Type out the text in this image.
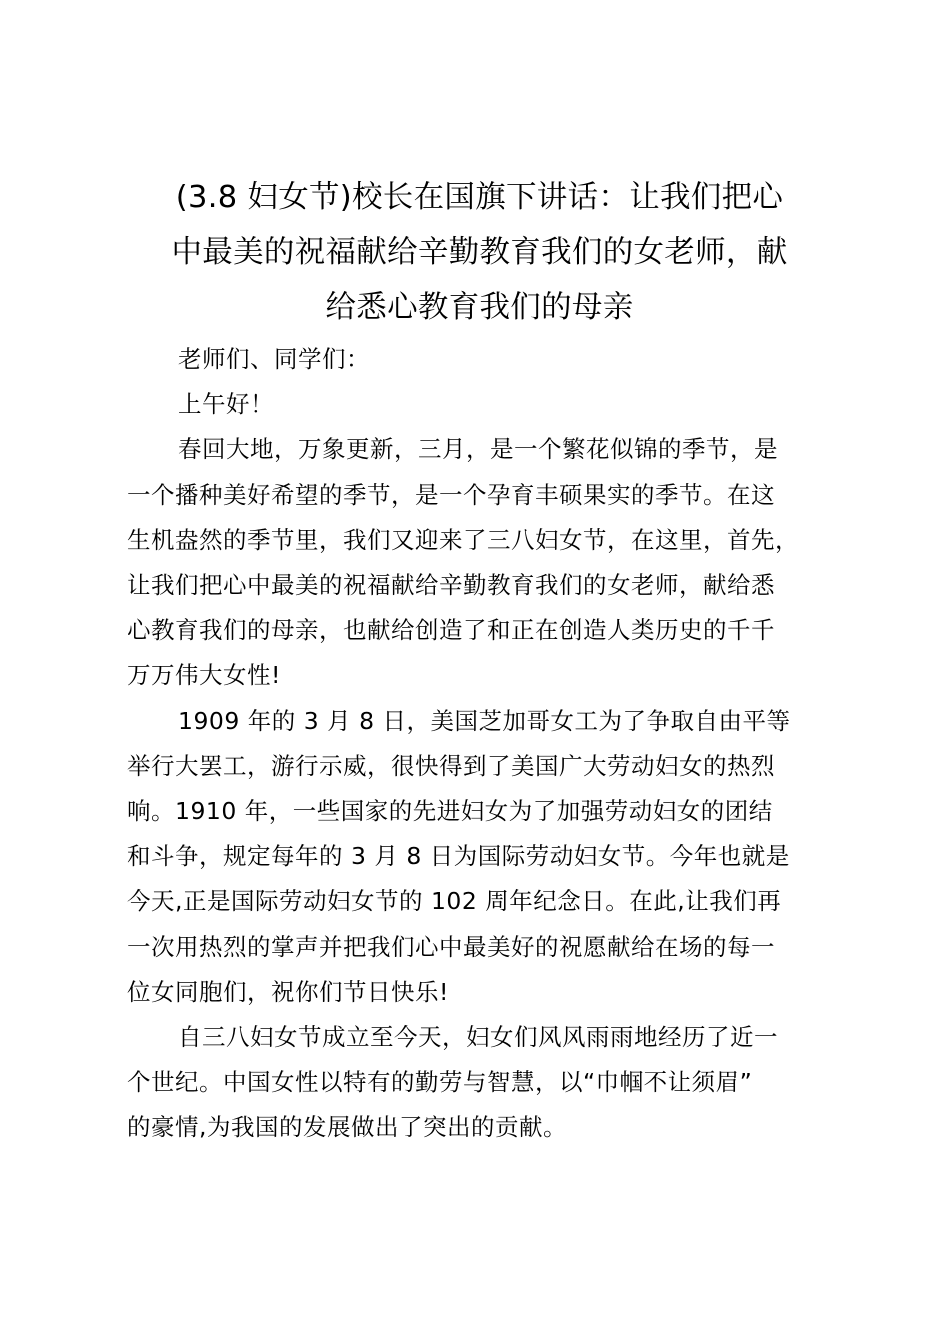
(3.8 妇女节)校长在国旗下讲话：让我们把心
中最美的祝福献给辛勤教育我们的女老师，献
给悉心教育我们的母亲

老师们、同学们：

上午好！

春回大地，万象更新，三月，是一个繁花似锦的季节，是
一个播种美好希望的季节，是一个孕育丰硕果实的季节。在这
生机盎然的季节里，我们又迎来了三八妇女节，在这里，首先，
让我们把心中最美的祝福献给辛勤教育我们的女老师，献给悉
心教育我们的母亲，也献给创造了和正在创造人类历史的千千
万万伟大女性!

1909 年的 3 月 8 日，美国芝加哥女工为了争取自由平等
举行大罢工，游行示威，很快得到了美国广大劳动妇女的热烈
响。1910 年，一些国家的先进妇女为了加强劳动妇女的团结
和斗争，规定每年的 3 月 8 日为国际劳动妇女节。今年也就是
今天,正是国际劳动妇女节的 102 周年纪念日。在此,让我们再
一次用热烈的掌声并把我们心中最美好的祝愿献给在场的每一
位女同胞们，祝你们节日快乐!

自三八妇女节成立至今天，妇女们风风雨雨地经历了近一
个世纪。中国女性以特有的勤劳与智慧，以“巾帼不让须眉”
的豪情,为我国的发展做出了突出的贡献。
